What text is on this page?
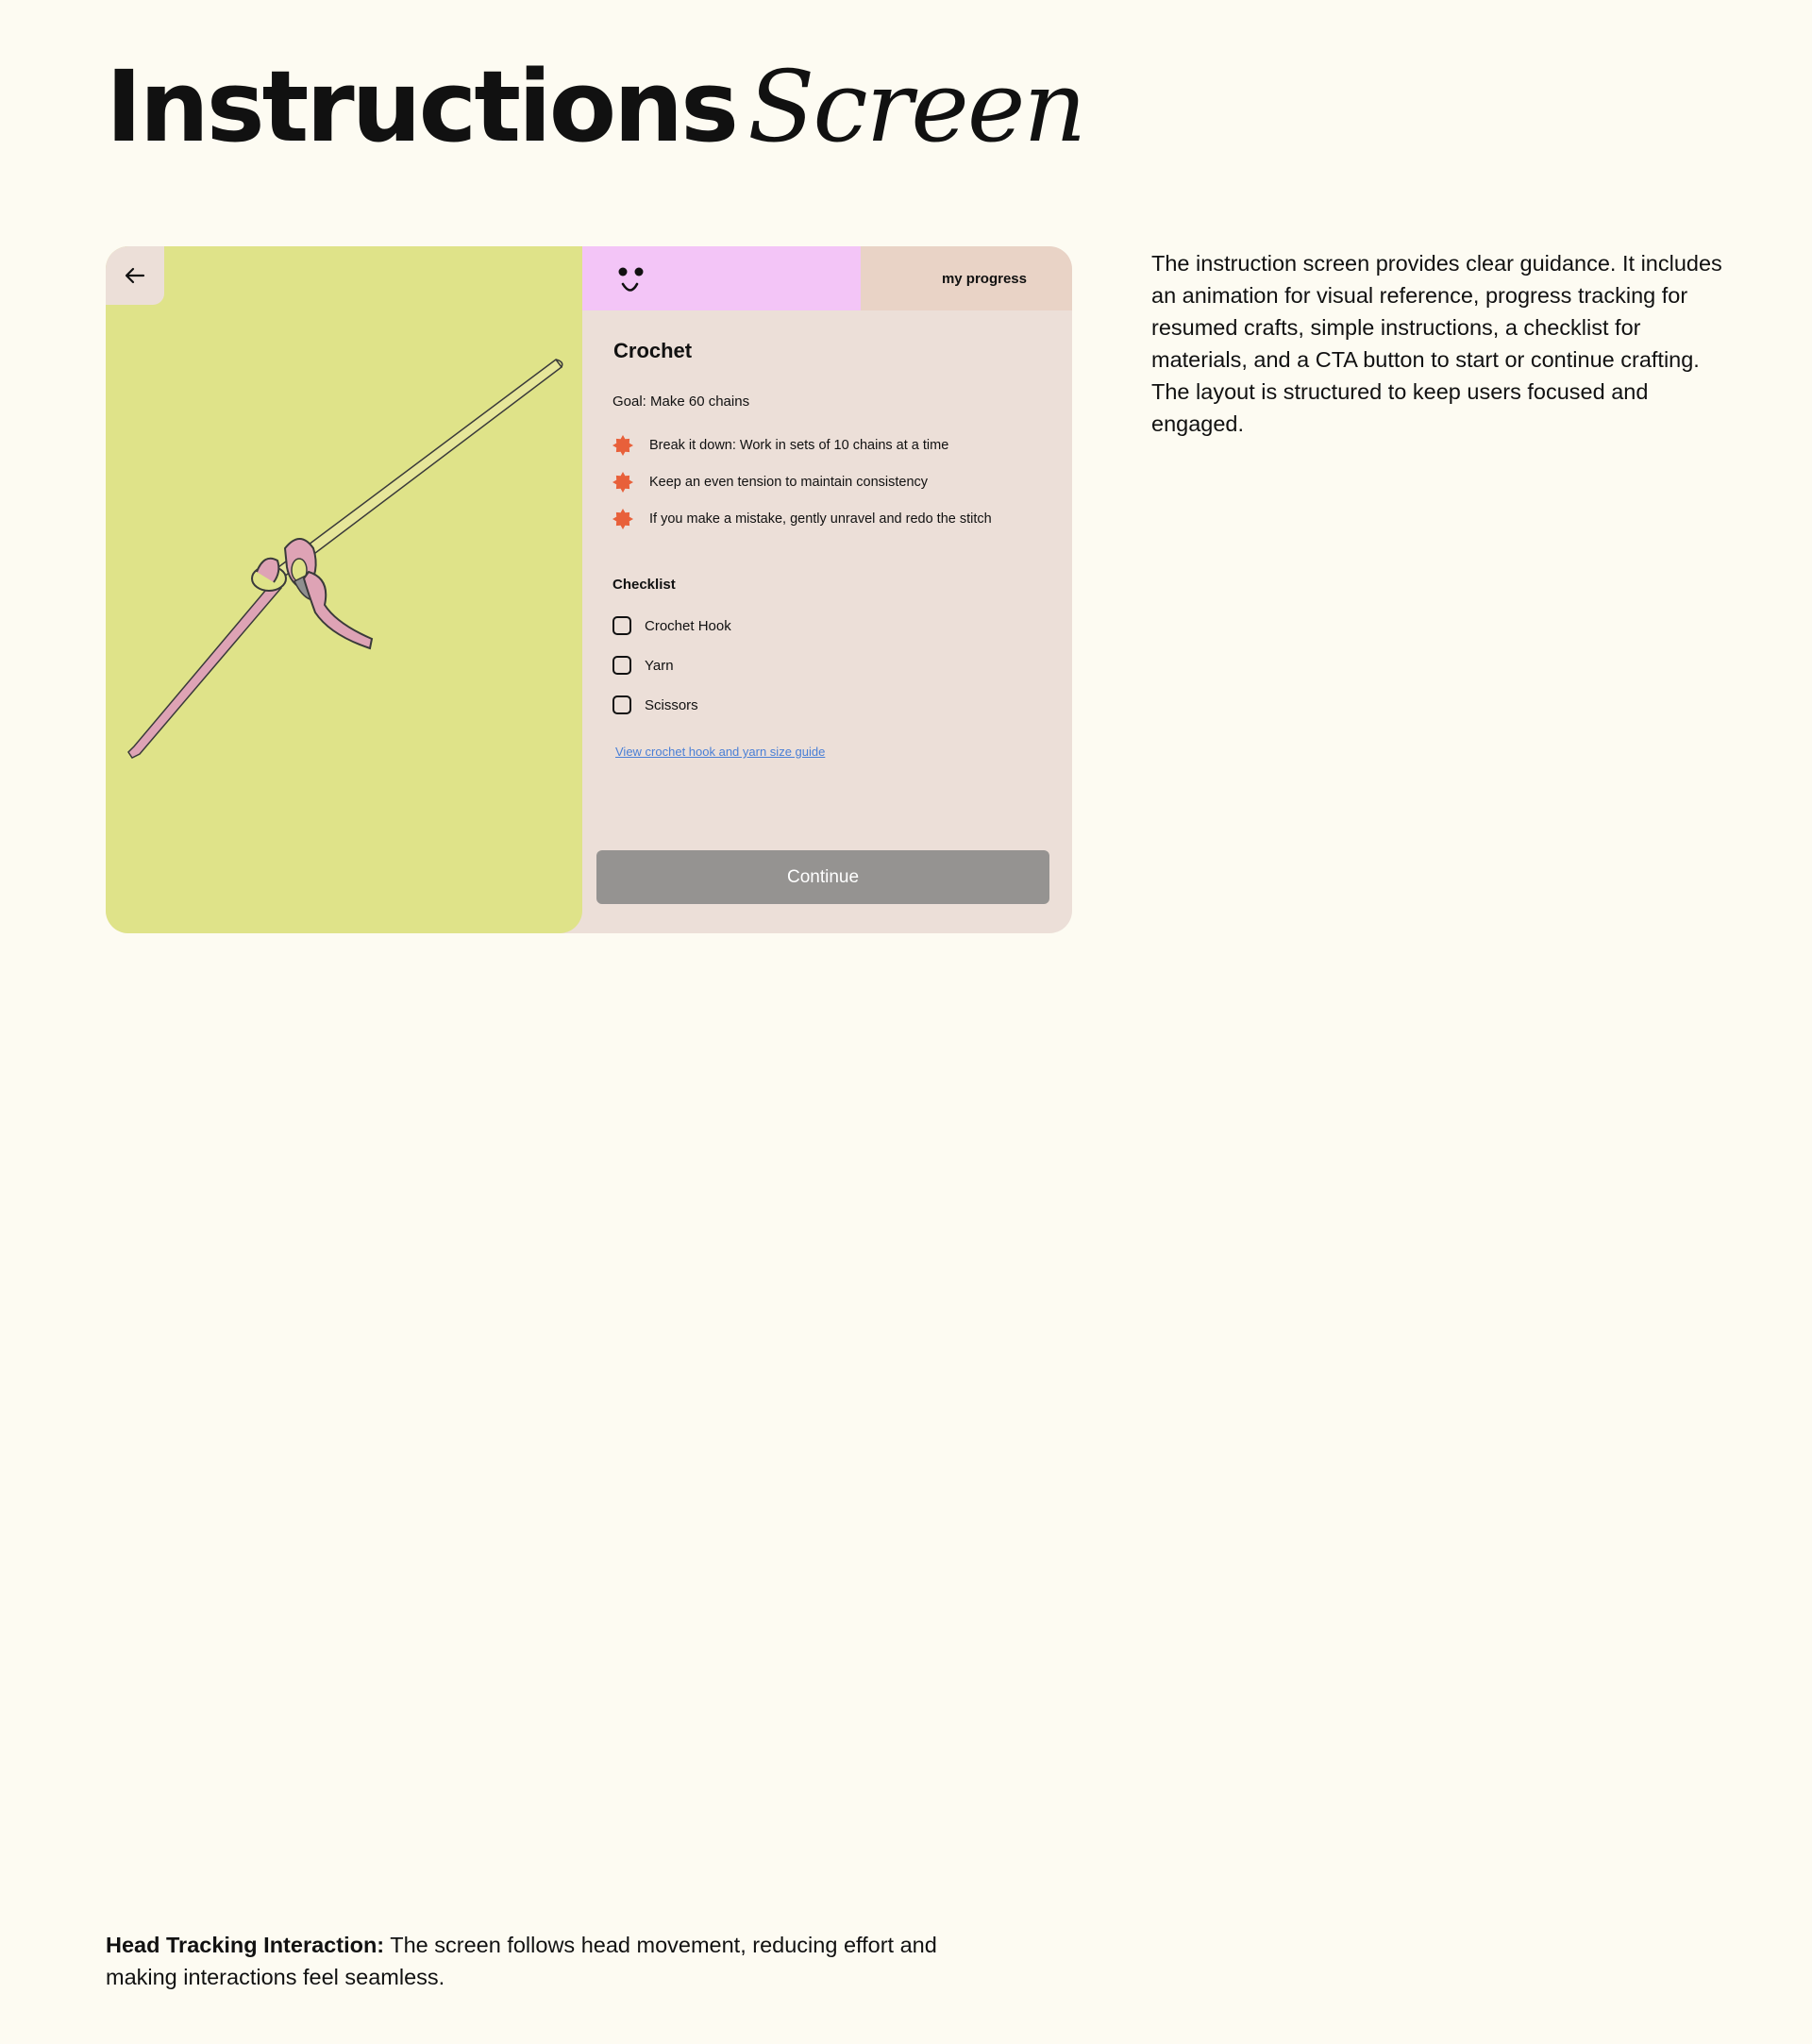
Instructions Screen
my progress
Crochet
Goal: Make 60 chains
Break it down: Work in sets of 10 chains at a time
Keep an even tension to maintain consistency
If you make a mistake, gently unravel and redo the stitch
Checklist
Crochet Hook
Yarn
Scissors
View crochet hook and yarn size guide
Continue

The instruction screen provides clear guidance. It includes an animation for visual reference, progress tracking for resumed crafts, simple instructions, a checklist for materials, and a CTA button to start or continue crafting. The layout is structured to keep users focused and engaged.

Head Tracking Interaction: The screen follows head movement, reducing effort and making interactions feel seamless.
